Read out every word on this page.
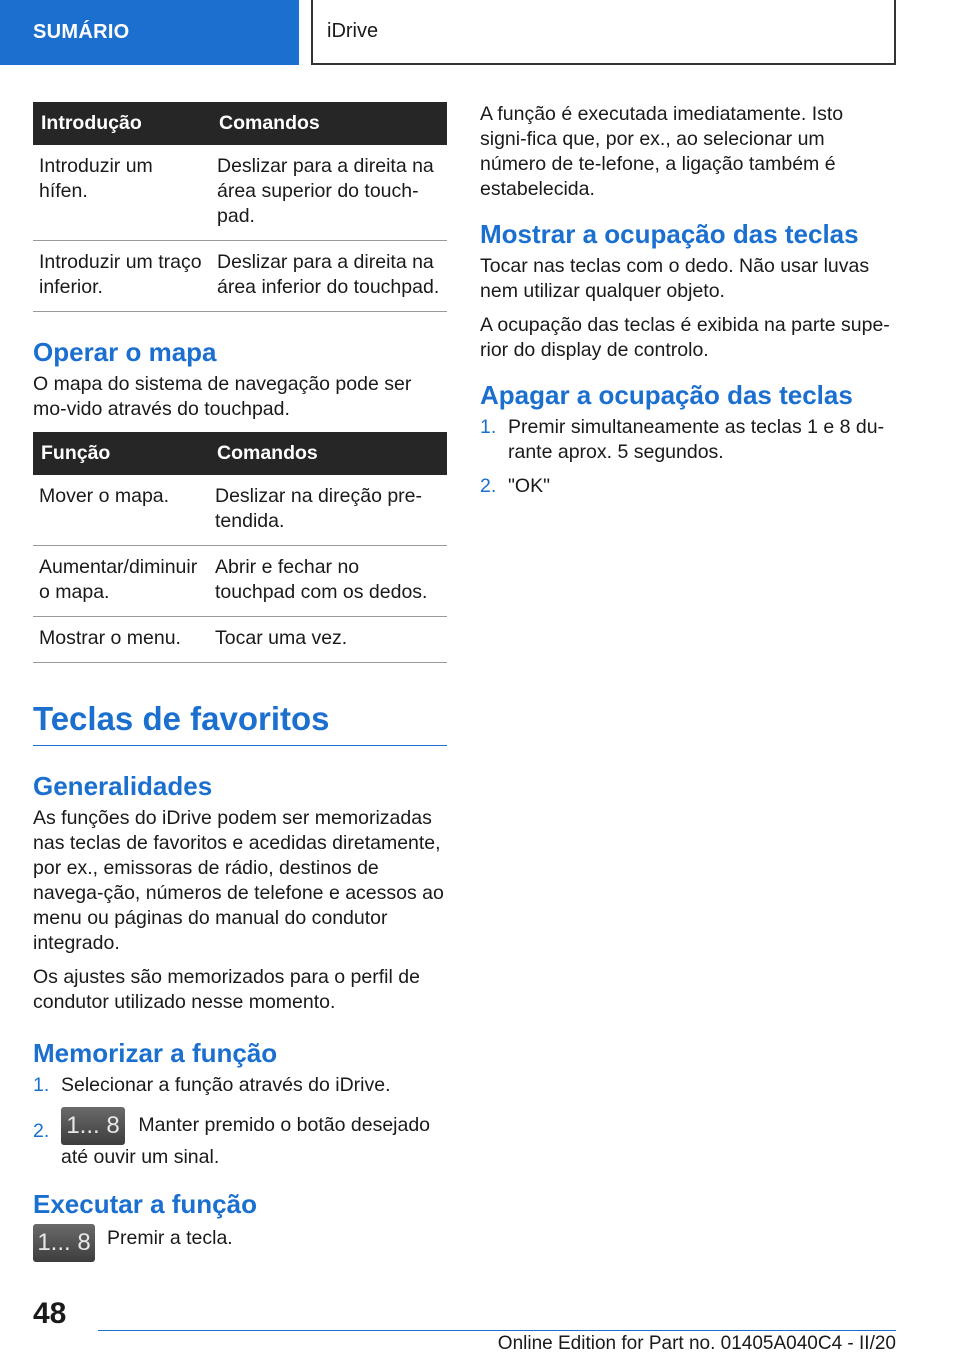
SUMÁRIO	iDrive
Introdução	Comandos
Introduzir um hífen.	Deslizar para a direita na área superior do touch‐pad.
Introduzir um traço inferior.	Deslizar para a direita na área inferior do touchpad.
Operar o mapa

O mapa do sistema de navegação pode ser mo‐vido através do touchpad.

Função	Comandos
Mover o mapa.	Deslizar na direção pre‐tendida.
Aumentar/diminuir o mapa.	Abrir e fechar no touchpad com os dedos.
Mostrar o menu.	Tocar uma vez.
Teclas de favoritos
Generalidades

As funções do iDrive podem ser memorizadas nas teclas de favoritos e acedidas diretamente, por ex., emissoras de rádio, destinos de navega‐ção, números de telefone e acessos ao menu ou páginas do manual do condutor integrado.

Os ajustes são memorizados para o perfil de condutor utilizado nesse momento.

Memorizar a função
1. Selecionar a função através do iDrive.
2. 1... 8 Manter premido o botão desejado até ouvir um sinal.
Executar a função
1... 8 Premir a tecla.

A função é executada imediatamente. Isto signi‐fica que, por ex., ao selecionar um número de te‐lefone, a ligação também é estabelecida.

Mostrar a ocupação das teclas

Tocar nas teclas com o dedo. Não usar luvas nem utilizar qualquer objeto.

A ocupação das teclas é exibida na parte supe‐rior do display de controlo.

Apagar a ocupação das teclas
1. Premir simultaneamente as teclas 1 e 8 du‐rante aprox. 5 segundos.
2. "OK"
48
Online Edition for Part no. 01405A040C4 - II/20
